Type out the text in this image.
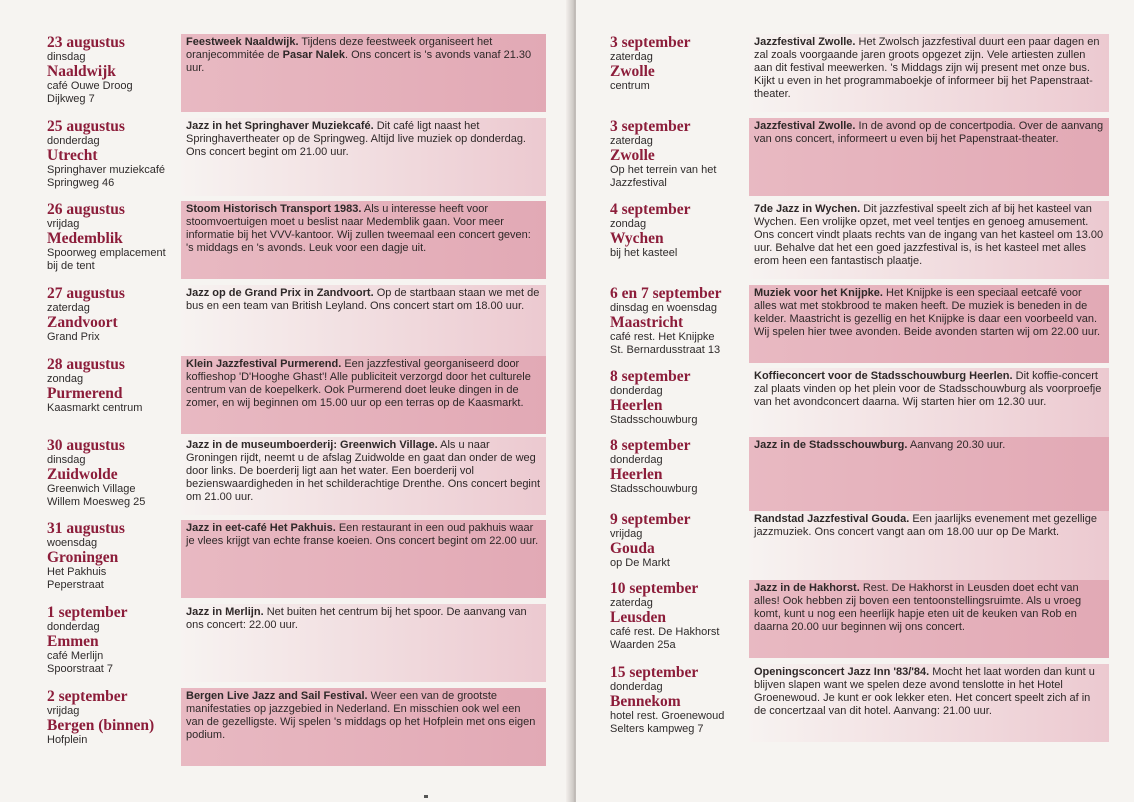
23 augustus
dinsdag
Naaldwijk
café Ouwe Droog
Dijkweg 7
Feestweek Naaldwijk. Tijdens deze feestweek organiseert het oranjecommitée de Pasar Nalek. Ons concert is 's avonds vanaf 21.30 uur.
25 augustus
donderdag
Utrecht
Springhaver muziekcafé
Springweg 46
Jazz in het Springhaver Muziekcafé. Dit café ligt naast het Springhavertheater op de Springweg. Altijd live muziek op donderdag. Ons concert begint om 21.00 uur.
26 augustus
vrijdag
Medemblik
Spoorweg emplacement
bij de tent
Stoom Historisch Transport 1983. Als u interesse heeft voor stoomvoertuigen moet u beslist naar Medemblik gaan. Voor meer informatie bij het VVV-kantoor. Wij zullen tweemaal een concert geven: 's middags en 's avonds. Leuk voor een dagje uit.
27 augustus
zaterdag
Zandvoort
Grand Prix
Jazz op de Grand Prix in Zandvoort. Op de startbaan staan we met de bus en een team van British Leyland. Ons concert start om 18.00 uur.
28 augustus
zondag
Purmerend
Kaasmarkt centrum
Klein Jazzfestival Purmerend. Een jazzfestival georganiseerd door koffieshop 'D'Hooghe Ghast'! Alle publiciteit verzorgd door het culturele centrum van de koepelkerk. Ook Purmerend doet leuke dingen in de zomer, en wij beginnen om 15.00 uur op een terras op de Kaasmarkt.
30 augustus
dinsdag
Zuidwolde
Greenwich Village
Willem Moesweg 25
Jazz in de museumboerderij: Greenwich Village. Als u naar Groningen rijdt, neemt u de afslag Zuidwolde en gaat dan onder de weg door links. De boerderij ligt aan het water. Een boerderij vol bezienswaardigheden in het schilderachtige Drenthe. Ons concert begint om 21.00 uur.
31 augustus
woensdag
Groningen
Het Pakhuis
Peperstraat
Jazz in eet-café Het Pakhuis. Een restaurant in een oud pakhuis waar je vlees krijgt van echte franse koeien. Ons concert begint om 22.00 uur.
1 september
donderdag
Emmen
café Merlijn
Spoorstraat 7
Jazz in Merlijn. Net buiten het centrum bij het spoor. De aanvang van ons concert: 22.00 uur.
2 september
vrijdag
Bergen (binnen)
Hofplein
Bergen Live Jazz and Sail Festival. Weer een van de grootste manifestaties op jazzgebied in Nederland. En misschien ook wel een van de gezelligste. Wij spelen 's middags op het Hofplein met ons eigen podium.
3 september
zaterdag
Zwolle
centrum
Jazzfestival Zwolle. Het Zwolsch jazzfestival duurt een paar dagen en zal zoals voorgaande jaren groots opgezet zijn. Vele artiesten zullen aan dit festival meewerken. 's Middags zijn wij present met onze bus. Kijkt u even in het programmaboekje of informeer bij het Papenstraat-theater.
3 september
zaterdag
Zwolle
Op het terrein van het
Jazzfestival
Jazzfestival Zwolle. In de avond op de concertpodia. Over de aanvang van ons concert, informeert u even bij het Papenstraat-theater.
4 september
zondag
Wychen
bij het kasteel
7de Jazz in Wychen. Dit jazzfestival speelt zich af bij het kasteel van Wychen. Een vrolijke opzet, met veel tentjes en genoeg amusement. Ons concert vindt plaats rechts van de ingang van het kasteel om 13.00 uur. Behalve dat het een goed jazzfestival is, is het kasteel met alles erom heen een fantastisch plaatje.
6 en 7 september
dinsdag en woensdag
Maastricht
café rest. Het Knijpke
St. Bernardusstraat 13
Muziek voor het Knijpke. Het Knijpke is een speciaal eetcafé voor alles wat met stokbrood te maken heeft. De muziek is beneden in de kelder. Maastricht is gezellig en het Knijpke is daar een voorbeeld van. Wij spelen hier twee avonden. Beide avonden starten wij om 22.00 uur.
8 september
donderdag
Heerlen
Stadsschouwburg
Koffieconcert voor de Stadsschouwburg Heerlen. Dit koffie-concert zal plaats vinden op het plein voor de Stadsschouwburg als voorproefje van het avondconcert daarna. Wij starten hier om 12.30 uur.
8 september
donderdag
Heerlen
Stadsschouwburg
Jazz in de Stadsschouwburg. Aanvang 20.30 uur.
9 september
vrijdag
Gouda
op De Markt
Randstad Jazzfestival Gouda. Een jaarlijks evenement met gezellige jazzmuziek. Ons concert vangt aan om 18.00 uur op De Markt.
10 september
zaterdag
Leusden
café rest. De Hakhorst
Waarden 25a
Jazz in de Hakhorst. Rest. De Hakhorst in Leusden doet echt van alles! Ook hebben zij boven een tentoonstellingsruimte. Als u vroeg komt, kunt u nog een heerlijk hapje eten uit de keuken van Rob en daarna 20.00 uur beginnen wij ons concert.
15 september
donderdag
Bennekom
hotel rest. Groenewoud
Selters kampweg 7
Openingsconcert Jazz Inn '83/'84. Mocht het laat worden dan kunt u blijven slapen want we spelen deze avond tenslotte in het Hotel Groenewoud. Je kunt er ook lekker eten. Het concert speelt zich af in de concertzaal van dit hotel. Aanvang: 21.00 uur.
